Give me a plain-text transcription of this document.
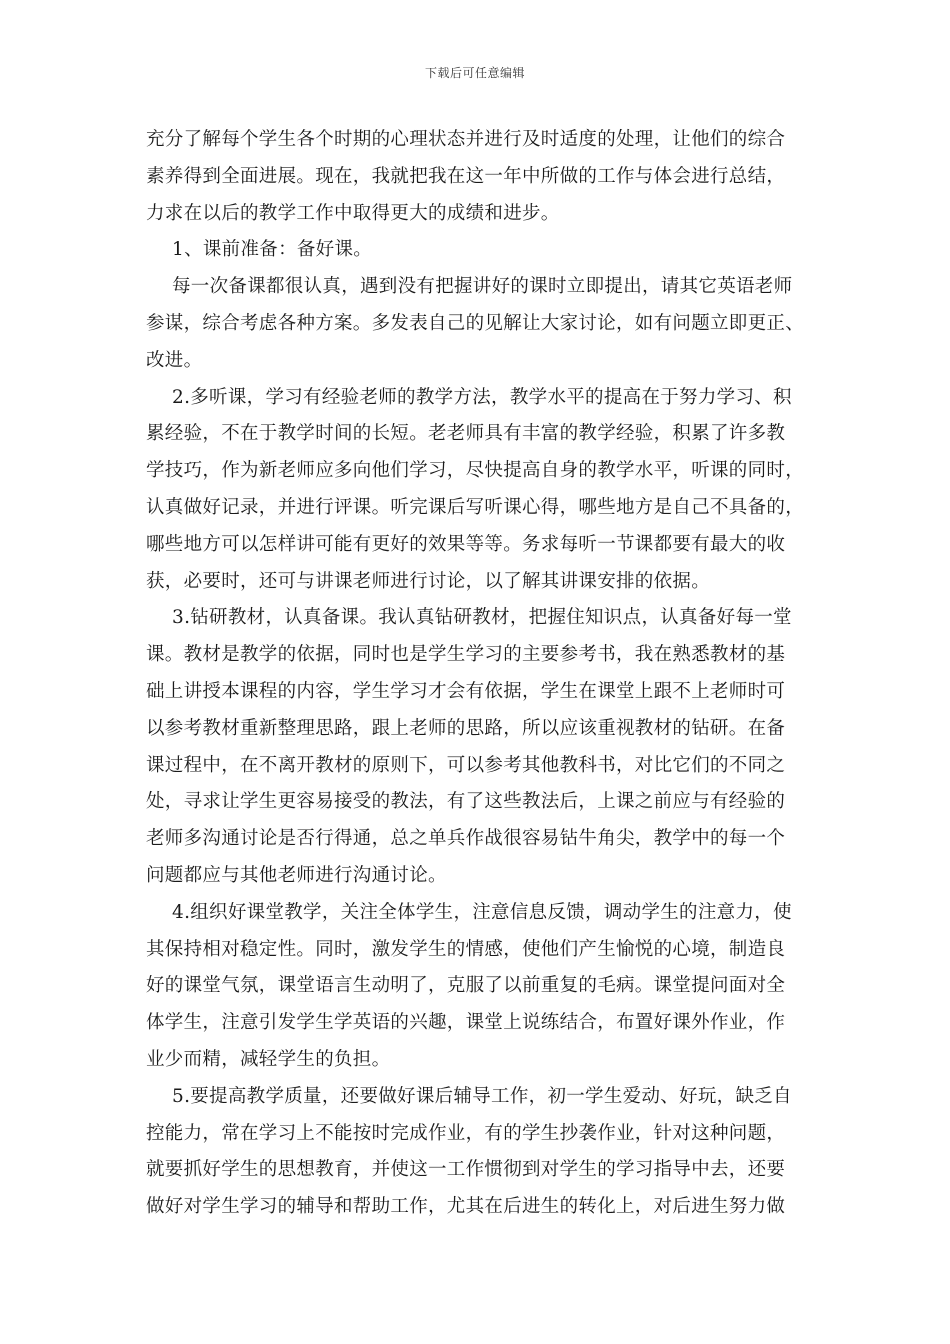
下载后可任意编辑
充分了解每个学生各个时期的心理状态并进行及时适度的处理，让他们的综合
素养得到全面进展。现在，我就把我在这一年中所做的工作与体会进行总结，
力求在以后的教学工作中取得更大的成绩和进步。
1、课前准备：备好课。
每一次备课都很认真，遇到没有把握讲好的课时立即提出，请其它英语老师
参谋，综合考虑各种方案。多发表自己的见解让大家讨论，如有问题立即更正、
改进。
2.多听课，学习有经验老师的教学方法，教学水平的提高在于努力学习、积
累经验，不在于教学时间的长短。老老师具有丰富的教学经验，积累了许多教
学技巧，作为新老师应多向他们学习，尽快提高自身的教学水平，听课的同时，
认真做好记录，并进行评课。听完课后写听课心得，哪些地方是自己不具备的，
哪些地方可以怎样讲可能有更好的效果等等。务求每听一节课都要有最大的收
获，必要时，还可与讲课老师进行讨论，以了解其讲课安排的依据。
3.钻研教材，认真备课。我认真钻研教材，把握住知识点，认真备好每一堂
课。教材是教学的依据，同时也是学生学习的主要参考书，我在熟悉教材的基
础上讲授本课程的内容，学生学习才会有依据，学生在课堂上跟不上老师时可
以参考教材重新整理思路，跟上老师的思路，所以应该重视教材的钻研。在备
课过程中，在不离开教材的原则下，可以参考其他教科书，对比它们的不同之
处，寻求让学生更容易接受的教法，有了这些教法后，上课之前应与有经验的
老师多沟通讨论是否行得通，总之单兵作战很容易钻牛角尖，教学中的每一个
问题都应与其他老师进行沟通讨论。
4.组织好课堂教学，关注全体学生，注意信息反馈，调动学生的注意力，使
其保持相对稳定性。同时，激发学生的情感，使他们产生愉悦的心境，制造良
好的课堂气氛，课堂语言生动明了，克服了以前重复的毛病。课堂提问面对全
体学生，注意引发学生学英语的兴趣，课堂上说练结合，布置好课外作业，作
业少而精，减轻学生的负担。
5.要提高教学质量，还要做好课后辅导工作，初一学生爱动、好玩，缺乏自
控能力，常在学习上不能按时完成作业，有的学生抄袭作业，针对这种问题，
就要抓好学生的思想教育，并使这一工作惯彻到对学生的学习指导中去，还要
做好对学生学习的辅导和帮助工作，尤其在后进生的转化上，对后进生努力做
